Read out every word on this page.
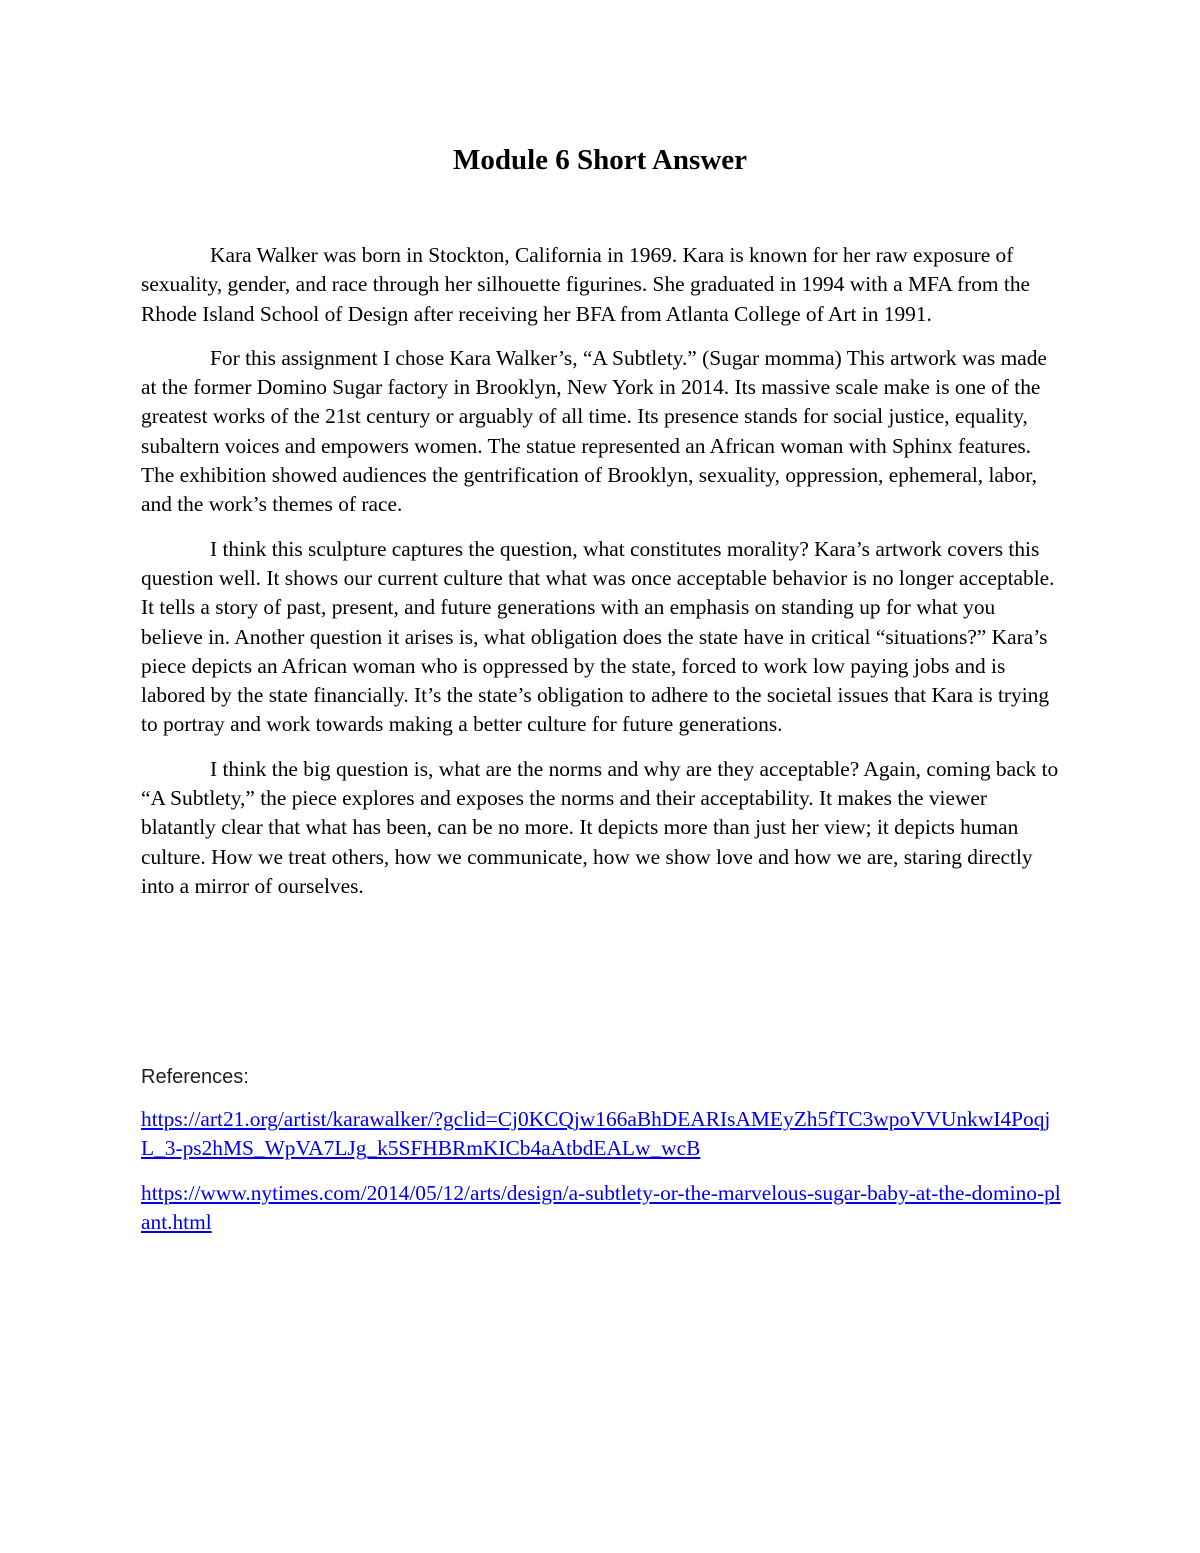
Module 6 Short Answer

Kara Walker was born in Stockton, California in 1969. Kara is known for her raw exposure of sexuality, gender, and race through her silhouette figurines. She graduated in 1994 with a MFA from the Rhode Island School of Design after receiving her BFA from Atlanta College of Art in 1991.

For this assignment I chose Kara Walker’s, “A Subtlety.” (Sugar momma) This artwork was made at the former Domino Sugar factory in Brooklyn, New York in 2014. Its massive scale make is one of the greatest works of the 21st century or arguably of all time. Its presence stands for social justice, equality, subaltern voices and empowers women. The statue represented an African woman with Sphinx features. The exhibition showed audiences the gentrification of Brooklyn, sexuality, oppression, ephemeral, labor, and the work’s themes of race.

I think this sculpture captures the question, what constitutes morality? Kara’s artwork covers this question well. It shows our current culture that what was once acceptable behavior is no longer acceptable. It tells a story of past, present, and future generations with an emphasis on standing up for what you believe in. Another question it arises is, what obligation does the state have in critical “situations?” Kara’s piece depicts an African woman who is oppressed by the state, forced to work low paying jobs and is labored by the state financially. It’s the state’s obligation to adhere to the societal issues that Kara is trying to portray and work towards making a better culture for future generations.

I think the big question is, what are the norms and why are they acceptable? Again, coming back to “A Subtlety,” the piece explores and exposes the norms and their acceptability. It makes the viewer blatantly clear that what has been, can be no more. It depicts more than just her view; it depicts human culture. How we treat others, how we communicate, how we show love and how we are, staring directly into a mirror of ourselves.

References:
https://art21.org/artist/karawalker/?gclid=Cj0KCQjw166aBhDEARIsAMEyZh5fTC3wpoVVUnkwI4PoqjL_3-ps2hMS_WpVA7LJg_k5SFHBRmKICb4aAtbdEALw_wcB
https://www.nytimes.com/2014/05/12/arts/design/a-subtlety-or-the-marvelous-sugar-baby-at-the-domino-plant.html
